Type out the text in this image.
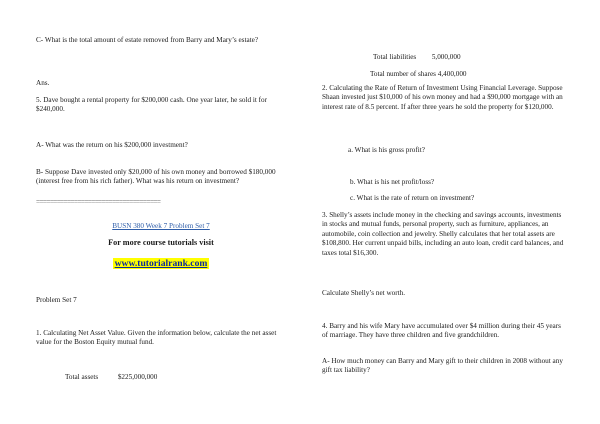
C- What is the total amount of estate removed from Barry and Mary’s estate?

Ans.

5. Dave bought a rental property for $200,000 cash. One year later, he sold it for $240,000.

A- What was the return on his $200,000 investment?

B- Suppose Dave invested only $20,000 of his own money and borrowed $180,000 (interest free from his rich father). What was his return on investment?

====================================

BUSN 380 Week 7 Problem Set 7

For more course tutorials visit

www.tutorialrank.com

Problem Set 7

1. Calculating Net Asset Value. Given the information below, calculate the net asset value for the Boston Equity mutual fund.

Total assets	$225,000,000

Total liabilities 5,000,000

Total number of shares 4,400,000

2. Calculating the Rate of Return of Investment Using Financial Leverage. Suppose Shaan invested just $10,000 of his own money and had a $90,000 mortgage with an interest rate of 8.5 percent. If after three years he sold the property for $120,000.

a. What is his gross profit?

b. What is his net profit/loss?

c. What is the rate of return on investment?

3. Shelly’s assets include money in the checking and savings accounts, investments in stocks and mutual funds, personal property, such as furniture, appliances, an automobile, coin collection and jewelry. Shelly calculates that her total assets are $108,800. Her current unpaid bills, including an auto loan, credit card balances, and taxes total $16,300.

Calculate Shelly’s net worth.

4. Barry and his wife Mary have accumulated over $4 million during their 45 years of marriage. They have three children and five grandchildren.

A- How much money can Barry and Mary gift to their children in 2008 without any gift tax liability?
